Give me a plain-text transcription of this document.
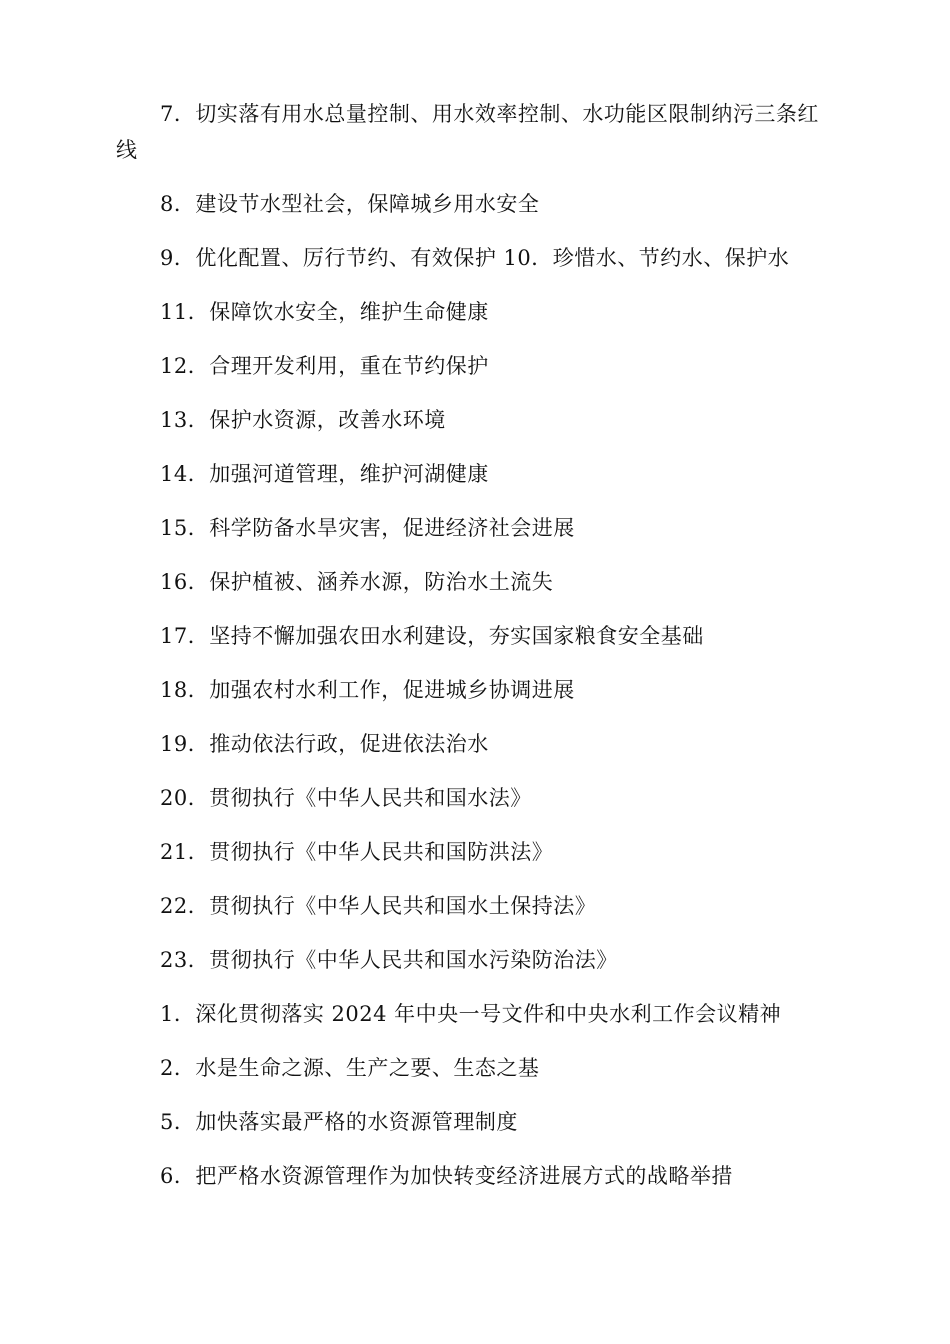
7．切实落有用水总量控制、用水效率控制、水功能区限制纳污三条红线

8．建设节水型社会，保障城乡用水安全

9．优化配置、厉行节约、有效保护 10．珍惜水、节约水、保护水

11．保障饮水安全，维护生命健康

12．合理开发利用，重在节约保护

13．保护水资源，改善水环境

14．加强河道管理，维护河湖健康

15．科学防备水旱灾害，促进经济社会进展

16．保护植被、涵养水源，防治水土流失

17．坚持不懈加强农田水利建设，夯实国家粮食安全基础

18．加强农村水利工作，促进城乡协调进展

19．推动依法行政，促进依法治水

20．贯彻执行《中华人民共和国水法》

21．贯彻执行《中华人民共和国防洪法》

22．贯彻执行《中华人民共和国水土保持法》

23．贯彻执行《中华人民共和国水污染防治法》

1．深化贯彻落实 2024 年中央一号文件和中央水利工作会议精神

2．水是生命之源、生产之要、生态之基

5．加快落实最严格的水资源管理制度

6．把严格水资源管理作为加快转变经济进展方式的战略举措
